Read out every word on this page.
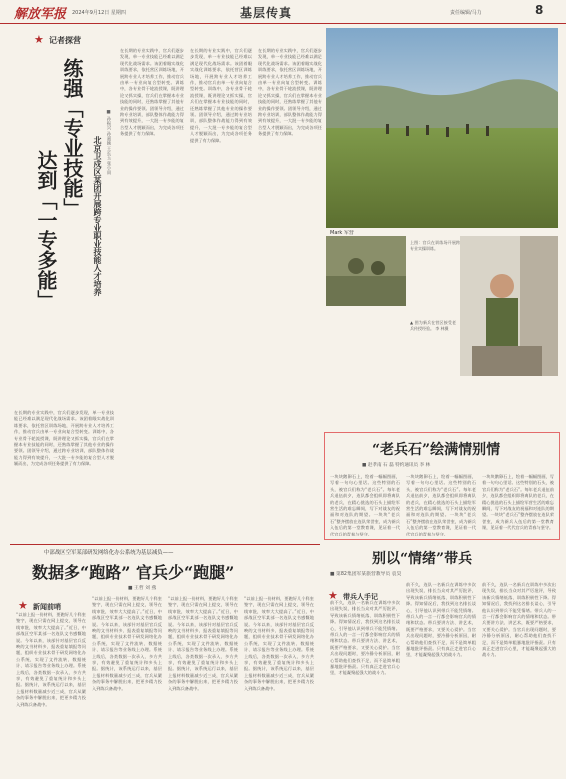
解放军报 2024年9月12日 星期四	基层传真	责任编辑/马力	8
★ 记者探营
练强「专业技能」
达到「一专多能」	北京卫戍区某团开展跨专业职业技能人才培养 ■ 孙振兴 孙嘉颖 王长玉 张小雨
在长期的专业实践中，官兵们逐步发现，单一专业技能已经难以满足现代化战场需求。该团着眼实战化训练要求，依托营区训练场地，开展跨专业人才培养工作，推动官兵由单一专业向复合型转变。训练中，各专业骨干轮流授课，既讲理论又抓实操，官兵们在掌握本专业技能的同时，还熟练掌握了其他专业的操作要领。团领导介绍，通过跨专业培训，部队整体作战能力得到有效提升，一大批一专多能的复合型人才脱颖而出，为完成各项任务提供了有力保障。
在长期的专业实践中，官兵们逐步发现，单一专业技能已经难以满足现代化战场需求。该团着眼实战化训练要求，依托营区训练场地，开展跨专业人才培养工作，推动官兵由单一专业向复合型转变。训练中，各专业骨干轮流授课，既讲理论又抓实操，官兵们在掌握本专业技能的同时，还熟练掌握了其他专业的操作要领。团领导介绍，通过跨专业培训，部队整体作战能力得到有效提升，一大批一专多能的复合型人才脱颖而出，为完成各项任务提供了有力保障。
在长期的专业实践中，官兵们逐步发现，单一专业技能已经难以满足现代化战场需求。该团着眼实战化训练要求，依托营区训练场地，开展跨专业人才培养工作，推动官兵由单一专业向复合型转变。训练中，各专业骨干轮流授课，既讲理论又抓实操，官兵们在掌握本专业技能的同时，还熟练掌握了其他专业的操作要领。团领导介绍，通过跨专业培训，部队整体作战能力得到有效提升，一大批一专多能的复合型人才脱颖而出，为完成各项任务提供了有力保障。
在长期的专业实践中，官兵们逐步发现，单一专业技能已经难以满足现代化战场需求。该团着眼实战化训练要求，依托营区训练场地，开展跨专业人才培养工作，推动官兵由单一专业向复合型转变。训练中，各专业骨干轮流授课，既讲理论又抓实操，官兵们在掌握本专业技能的同时，还熟练掌握了其他专业的操作要领。团领导介绍，通过跨专业培训，部队整体作战能力得到有效提升，一大批一专多能的复合型人才脱颖而出，为完成各项任务提供了有力保障。
Mark 军营
上图：官兵在训练场开展跨专业实操训练。
▲ 图为新兵在营区接受老兵传授经验。 李 林摄
“老兵石”绘满情别情
■ 赵孝南 石 磊 特约通讯员 李 林
一块块鹅卵石上，绘着一幅幅图画，写着一句句心里话。这些特别的石头，被官兵们称为“老兵石”。每年老兵退伍前夕，连队都会组织即将离队的老兵，在精心挑选的石头上描绘军营生活的难忘瞬间，写下对战友的祝福和对连队的期望。一块块“老兵石”整齐摆放在连队荣誉室，成为新兵入伍后的第一堂教育课，见证着一代代官兵的青春与坚守。
一块块鹅卵石上，绘着一幅幅图画，写着一句句心里话。这些特别的石头，被官兵们称为“老兵石”。每年老兵退伍前夕，连队都会组织即将离队的老兵，在精心挑选的石头上描绘军营生活的难忘瞬间，写下对战友的祝福和对连队的期望。一块块“老兵石”整齐摆放在连队荣誉室，成为新兵入伍后的第一堂教育课，见证着一代代官兵的青春与坚守。
一块块鹅卵石上，绘着一幅幅图画，写着一句句心里话。这些特别的石头，被官兵们称为“老兵石”。每年老兵退伍前夕，连队都会组织即将离队的老兵，在精心挑选的石头上描绘军营生活的难忘瞬间，写下对战友的祝福和对连队的期望。一块块“老兵石”整齐摆放在连队荣誉室，成为新兵入伍后的第一堂教育课，见证着一代代官兵的青春与坚守。
中部战区空军某部研发网络化办公系统为基层减负——
数据多“跑路” 官兵少“跑腿”
■ 王哲 刘 燕
★ 新闻前哨
“以前上报一份材料，要跑好几个科室签字，现在只需在网上提交，领导在线审批，效率大大提高了。”近日，中部战区空军某部一名连队文书感慨地说。今年以来，该部针对基层官兵反映的文书材料多、报表重复填报等问题，组织专业技术骨干研发网络化办公系统，实现了文件流转、数据统计、请示报告等业务线上办理。系统上线后，各类数据一次录入、多方共享，有效避免了重复统计和多头上报。据统计，该系统运行以来，基层上报材料数量减少近三成，官兵从繁杂的事务中解脱出来，把更多精力投入到练兵备战中。
“以前上报一份材料，要跑好几个科室签字，现在只需在网上提交，领导在线审批，效率大大提高了。”近日，中部战区空军某部一名连队文书感慨地说。今年以来，该部针对基层官兵反映的文书材料多、报表重复填报等问题，组织专业技术骨干研发网络化办公系统，实现了文件流转、数据统计、请示报告等业务线上办理。系统上线后，各类数据一次录入、多方共享，有效避免了重复统计和多头上报。据统计，该系统运行以来，基层上报材料数量减少近三成，官兵从繁杂的事务中解脱出来，把更多精力投入到练兵备战中。
“以前上报一份材料，要跑好几个科室签字，现在只需在网上提交，领导在线审批，效率大大提高了。”近日，中部战区空军某部一名连队文书感慨地说。今年以来，该部针对基层官兵反映的文书材料多、报表重复填报等问题，组织专业技术骨干研发网络化办公系统，实现了文件流转、数据统计、请示报告等业务线上办理。系统上线后，各类数据一次录入、多方共享，有效避免了重复统计和多头上报。据统计，该系统运行以来，基层上报材料数量减少近三成，官兵从繁杂的事务中解脱出来，把更多精力投入到练兵备战中。
“以前上报一份材料，要跑好几个科室签字，现在只需在网上提交，领导在线审批，效率大大提高了。”近日，中部战区空军某部一名连队文书感慨地说。今年以来，该部针对基层官兵反映的文书材料多、报表重复填报等问题，组织专业技术骨干研发网络化办公系统，实现了文件流转、数据统计、请示报告等业务线上办理。系统上线后，各类数据一次录入、多方共享，有效避免了重复统计和多头上报。据统计，该系统运行以来，基层上报材料数量减少近三成，官兵从繁杂的事务中解脱出来，把更多精力投入到练兵备战中。
别以“情绪”带兵
■ 第82集团军某旅营教导员 袁昊
★ 带兵人手记
前不久，连队一名新兵在训练中多次出现失误，排长当众对其严厉批评，导致该新兵情绪低落、训练积极性下降。得知情况后，我找到这名排长谈心，引导他认识到带兵不能凭情绪。带兵人的一言一行都会影响官兵的情绪和状态。带兵要讲方法、讲艺术，既要严格要求，又要关心爱护。当官兵出现问题时，要冷静分析原因，耐心帮助他们查找不足，而不是简单粗暴地批评指责。只有真正走进官兵心里，才能凝聚起强大的战斗力。
前不久，连队一名新兵在训练中多次出现失误，排长当众对其严厉批评，导致该新兵情绪低落、训练积极性下降。得知情况后，我找到这名排长谈心，引导他认识到带兵不能凭情绪。带兵人的一言一行都会影响官兵的情绪和状态。带兵要讲方法、讲艺术，既要严格要求，又要关心爱护。当官兵出现问题时，要冷静分析原因，耐心帮助他们查找不足，而不是简单粗暴地批评指责。只有真正走进官兵心里，才能凝聚起强大的战斗力。
前不久，连队一名新兵在训练中多次出现失误，排长当众对其严厉批评，导致该新兵情绪低落、训练积极性下降。得知情况后，我找到这名排长谈心，引导他认识到带兵不能凭情绪。带兵人的一言一行都会影响官兵的情绪和状态。带兵要讲方法、讲艺术，既要严格要求，又要关心爱护。当官兵出现问题时，要冷静分析原因，耐心帮助他们查找不足，而不是简单粗暴地批评指责。只有真正走进官兵心里，才能凝聚起强大的战斗力。
